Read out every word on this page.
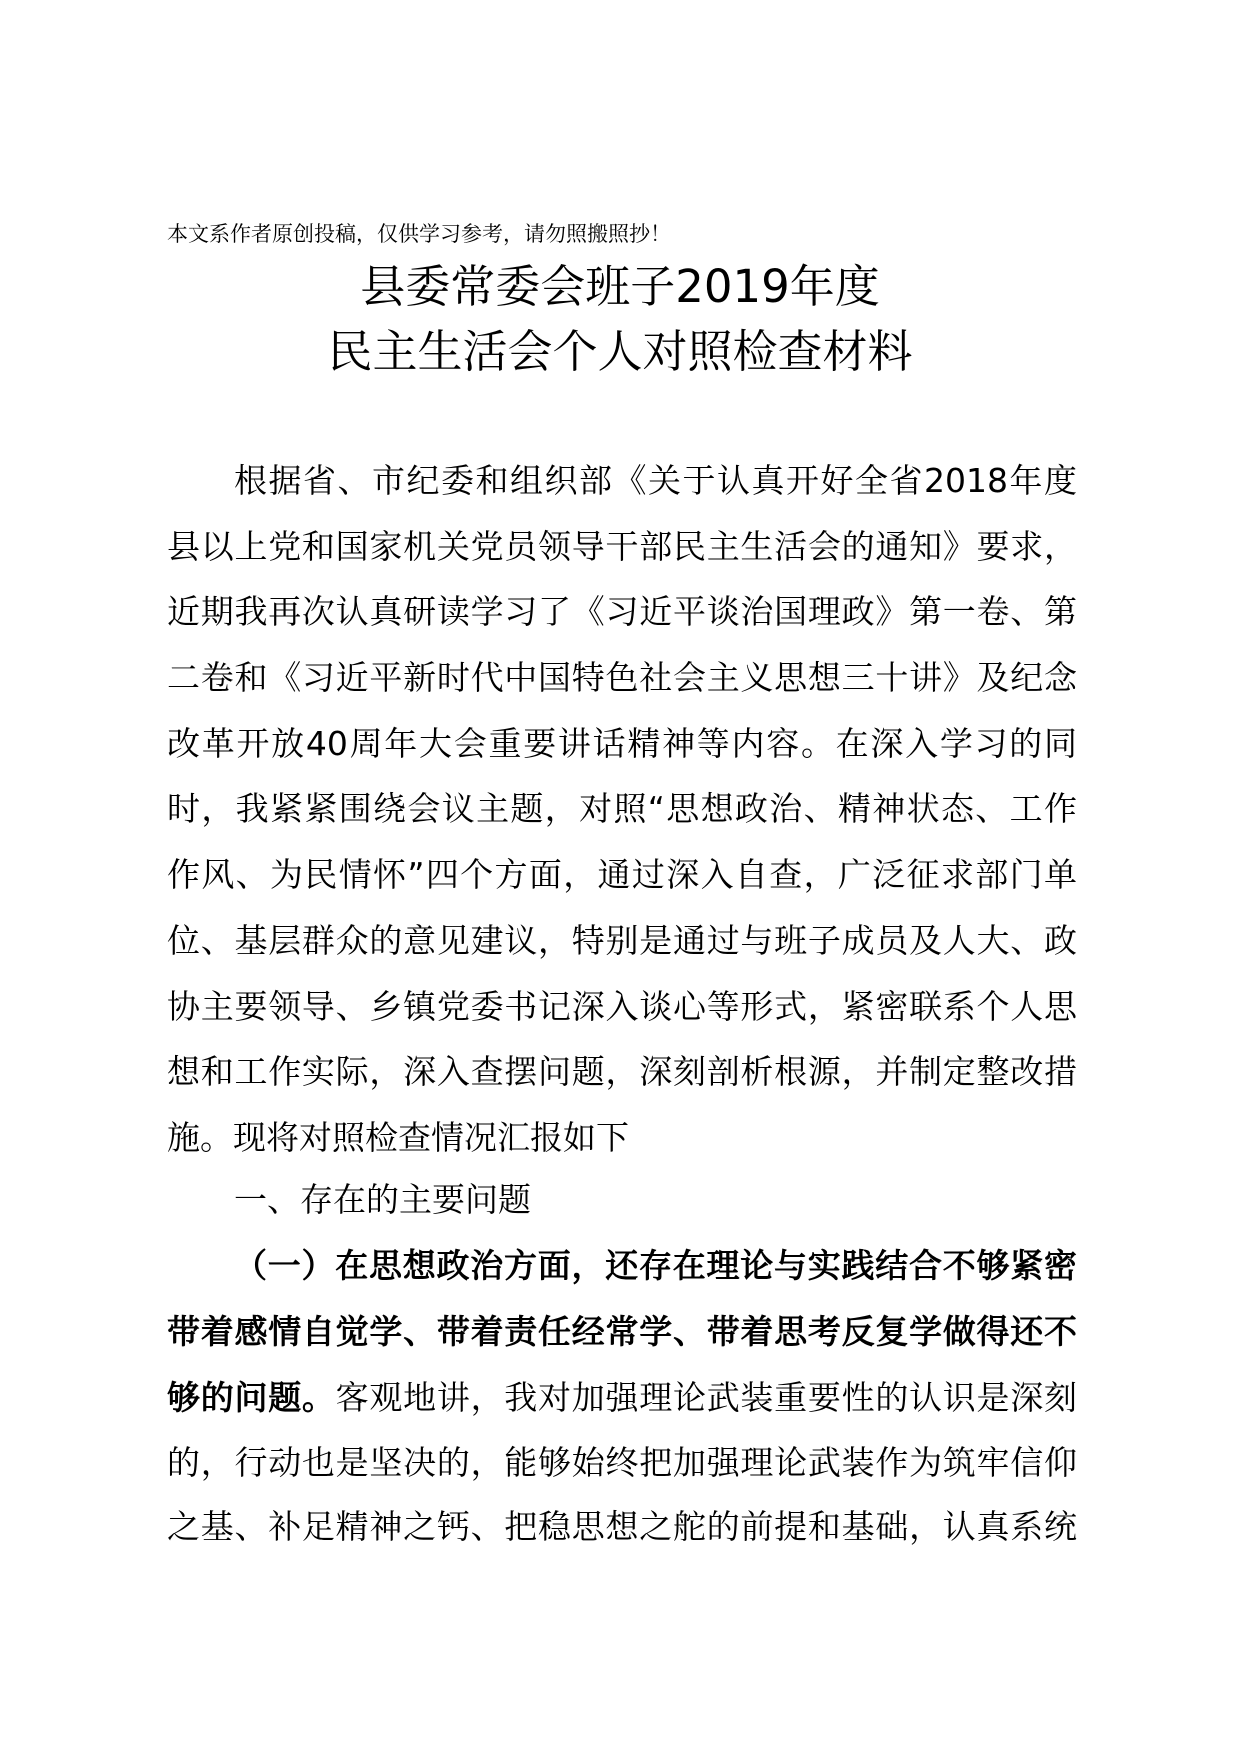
本文系作者原创投稿，仅供学习参考，请勿照搬照抄！
县委常委会班子2019年度
民主生活会个人对照检查材料
根据省、市纪委和组织部《关于认真开好全省2018年度
县以上党和国家机关党员领导干部民主生活会的通知》要求，
近期我再次认真研读学习了《习近平谈治国理政》第一卷、第
二卷和《习近平新时代中国特色社会主义思想三十讲》及纪念
改革开放40周年大会重要讲话精神等内容。在深入学习的同
时，我紧紧围绕会议主题，对照“思想政治、精神状态、工作
作风、为民情怀”四个方面，通过深入自查，广泛征求部门单
位、基层群众的意见建议，特别是通过与班子成员及人大、政
协主要领导、乡镇党委书记深入谈心等形式，紧密联系个人思
想和工作实际，深入查摆问题，深刻剖析根源，并制定整改措
施。现将对照检查情况汇报如下
一、存在的主要问题
（一）在思想政治方面，还存在理论与实践结合不够紧密
带着感情自觉学、带着责任经常学、带着思考反复学做得还不
够的问题。客观地讲，我对加强理论武装重要性的认识是深刻
的，行动也是坚决的，能够始终把加强理论武装作为筑牢信仰
之基、补足精神之钙、把稳思想之舵的前提和基础，认真系统
